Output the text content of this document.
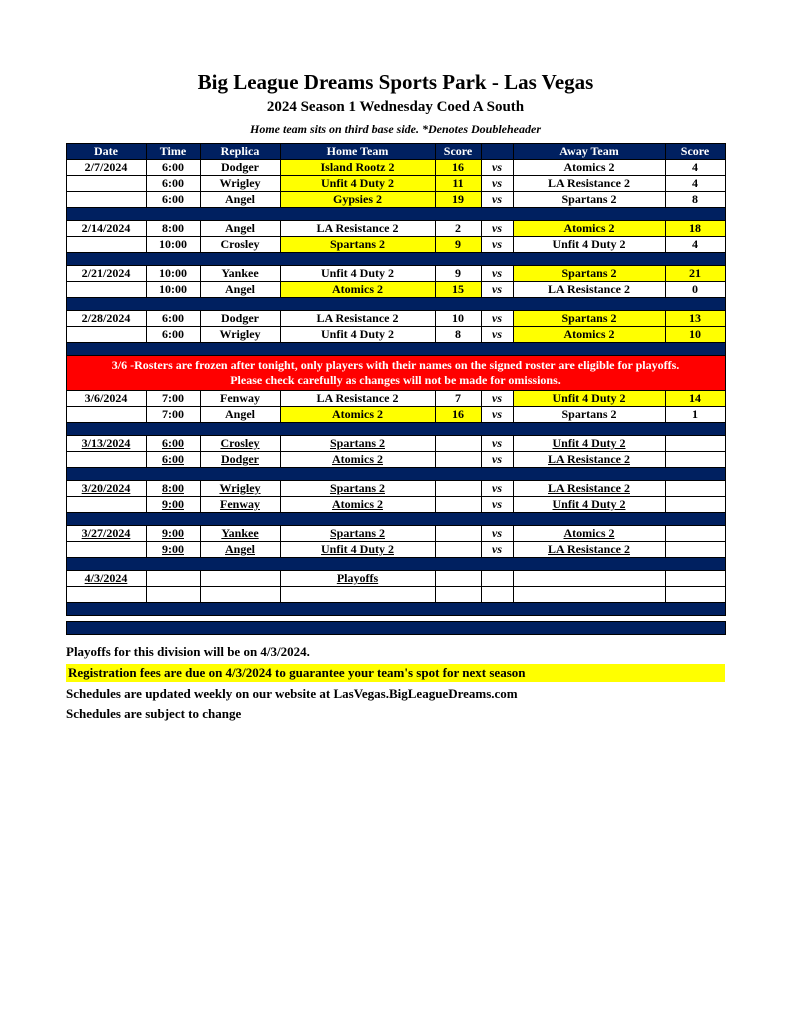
Big League Dreams Sports Park - Las Vegas
2024 Season 1 Wednesday Coed A South
Home team sits on third base side. *Denotes Doubleheader
Date	Time	Replica	Home Team	Score		Away Team	Score
2/7/2024	6:00	Dodger	Island Rootz 2	16	vs	Atomics 2	4
	6:00	Wrigley	Unfit 4 Duty 2	11	vs	LA Resistance 2	4
	6:00	Angel	Gypsies 2	19	vs	Spartans 2	8

2/14/2024	8:00	Angel	LA Resistance 2	2	vs	Atomics 2	18
	10:00	Crosley	Spartans 2	9	vs	Unfit 4 Duty 2	4

2/21/2024	10:00	Yankee	Unfit 4 Duty 2	9	vs	Spartans 2	21
	10:00	Angel	Atomics 2	15	vs	LA Resistance 2	0

2/28/2024	6:00	Dodger	LA Resistance 2	10	vs	Spartans 2	13
	6:00	Wrigley	Unfit 4 Duty 2	8	vs	Atomics 2	10

3/6 -Rosters are frozen after tonight, only players with their names on the signed roster are eligible for playoffs.
Please check carefully as changes will not be made for omissions.							

3/6/2024	7:00	Fenway	LA Resistance 2	7	vs	Unfit 4 Duty 2	14
	7:00	Angel	Atomics 2	16	vs	Spartans 2	1

3/13/2024	6:00	Crosley	Spartans 2		vs	Unfit 4 Duty 2	
	6:00	Dodger	Atomics 2		vs	LA Resistance 2	

3/20/2024	8:00	Wrigley	Spartans 2		vs	LA Resistance 2	
	9:00	Fenway	Atomics 2		vs	Unfit 4 Duty 2	

3/27/2024	9:00	Yankee	Spartans 2		vs	Atomics 2	
	9:00	Angel	Unfit 4 Duty 2		vs	LA Resistance 2	

4/3/2024			Playoffs				

Playoffs for this division will be on 4/3/2024.
Registration fees are due on 4/3/2024 to guarantee your team's spot for next season
Schedules are updated weekly on our website at LasVegas.BigLeagueDreams.com
Schedules are subject to change
